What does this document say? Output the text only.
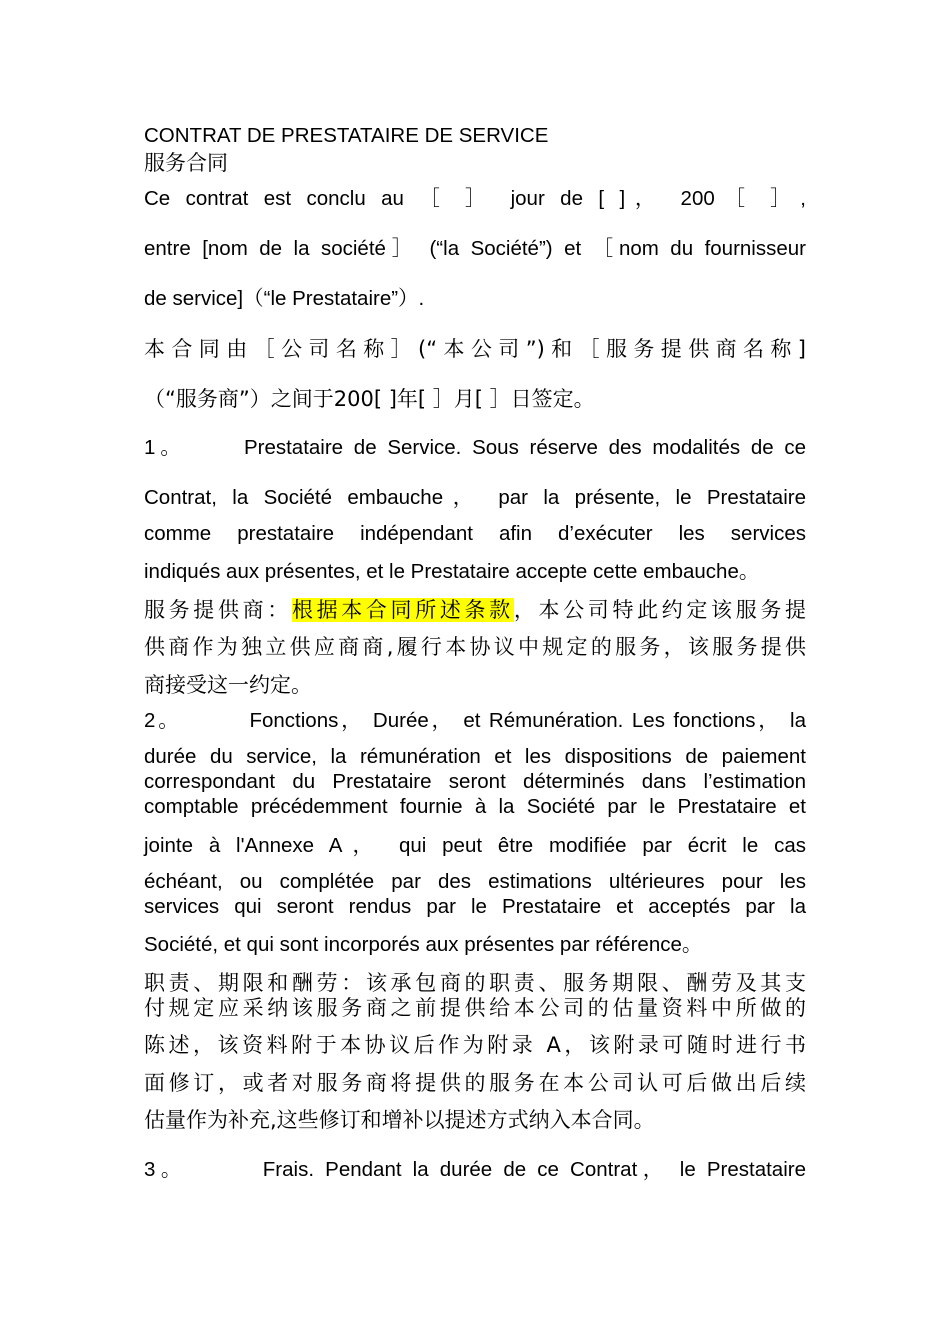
CONTRAT DE PRESTATAIRE DE SERVICE
服务合同
Ce contrat est conclu au ［ ］ jour de [ ]， 200［ ］,
entre [nom de la société］ (“la Société”) et ［nom du fournisseur
de service]（“le Prestataire”）.
本合同由［公司名称］(“本公司”)和［服务提供商名称]
（“服务商”）之间于200[ ]年[ ］月[ ］日签定。
1。	Prestataire de Service. Sous réserve des modalités de ce
Contrat, la Société embauche， par la présente, le Prestataire
comme prestataire indépendant afin d’exécuter les services
indiqués aux présentes, et le Prestataire accepte cette embauche。
服务提供商：根据本合同所述条款，本公司特此约定该服务提
供商作为独立供应商商,履行本协议中规定的服务，该服务提供
商接受这一约定。
2。	Fonctions， Durée， et Rémunération. Les fonctions， la
durée du service, la rémunération et les dispositions de paiement
correspondant du Prestataire seront déterminés dans l’estimation
comptable précédemment fournie à la Société par le Prestataire et
jointe à l'Annexe A， qui peut être modifiée par écrit le cas
échéant, ou complétée par des estimations ultérieures pour les
services qui seront rendus par le Prestataire et acceptés par la
Société, et qui sont incorporés aux présentes par référence。
职责、期限和酬劳：该承包商的职责、服务期限、酬劳及其支
付规定应采纳该服务商之前提供给本公司的估量资料中所做的
陈述，该资料附于本协议后作为附录 A，该附录可随时进行书
面修订，或者对服务商将提供的服务在本公司认可后做出后续
估量作为补充,这些修订和增补以提述方式纳入本合同。
3。	Frais. Pendant la durée de ce Contrat， le Prestataire
